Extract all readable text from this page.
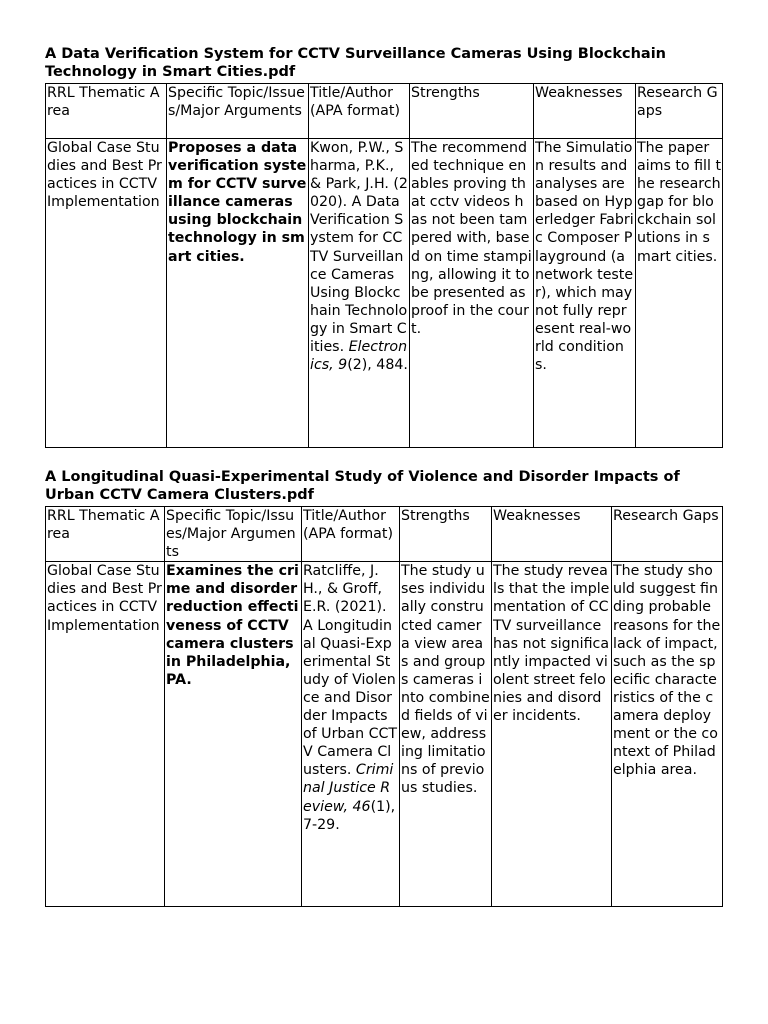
A Data Verification System for CCTV Surveillance Cameras Using Blockchain Technology in Smart Cities.pdf
RRL Thematic Area	Specific Topic/Issues/Major Arguments	Title/Author (APA format)	Strengths	Weaknesses	Research Gaps
Global Case Studies and Best Practices in CCTV Implementation	Proposes a data verification system for CCTV surveillance cameras using blockchain technology in smart cities.	Kwon, P.W., Sharma, P.K., & Park, J.H. (2020). A Data Verification System for CCTV Surveillance Cameras Using Blockchain Technology in Smart Cities. Electronics, 9(2), 484.	The recommended technique enables proving that cctv videos has not been tampered with, based on time stamping, allowing it to be presented as proof in the court.	The Simulation results and analyses are based on Hyperledger Fabric Composer Playground (a network tester), which may not fully represent real-world conditions.	The paper aims to fill the research gap for blockchain solutions in smart cities.
A Longitudinal Quasi-Experimental Study of Violence and Disorder Impacts of Urban CCTV Camera Clusters.pdf
RRL Thematic Area	Specific Topic/Issues/Major Arguments	Title/Author (APA format)	Strengths	Weaknesses	Research Gaps
Global Case Studies and Best Practices in CCTV Implementation	Examines the crime and disorder reduction effectiveness of CCTV camera clusters in Philadelphia, PA.	Ratcliffe, J.H., & Groff, E.R. (2021). A Longitudinal Quasi-Experimental Study of Violence and Disorder Impacts of Urban CCTV Camera Clusters. Criminal Justice Review, 46(1), 7-29.	The study uses individually constructed camera view areas and groups cameras into combined fields of view, addressing limitations of previous studies.	The study reveals that the implementation of CCTV surveillance has not significantly impacted violent street felonies and disorder incidents.	The study should suggest finding probable reasons for the lack of impact, such as the specific characteristics of the camera deployment or the context of Philadelphia area.
